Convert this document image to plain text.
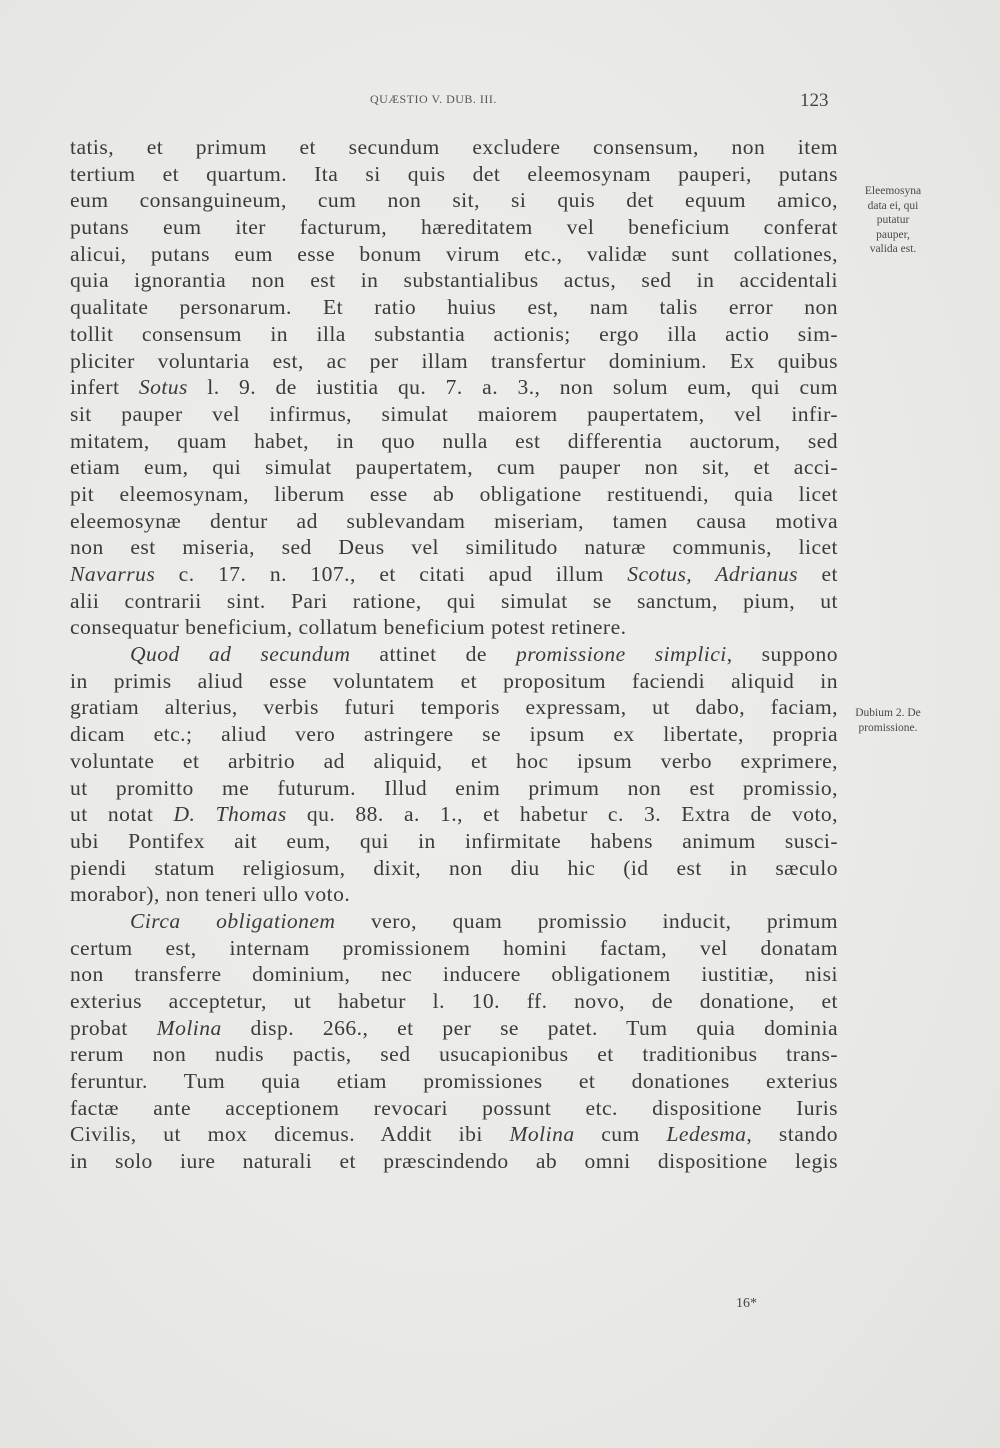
QUÆSTIO V. DUB. III.	123
tatis, et primum et secundum excludere consensum, non item
tertium et quartum. Ita si quis det eleemosynam pauperi, putans
eum consanguineum, cum non sit, si quis det equum amico,
putans eum iter facturum, hæreditatem vel beneficium conferat
alicui, putans eum esse bonum virum etc., validæ sunt collationes,
quia ignorantia non est in substantialibus actus, sed in accidentali
qualitate personarum. Et ratio huius est, nam talis error non
tollit consensum in illa substantia actionis; ergo illa actio sim-
pliciter voluntaria est, ac per illam transfertur dominium. Ex quibus
infert Sotus l. 9. de iustitia qu. 7. a. 3., non solum eum, qui cum
sit pauper vel infirmus, simulat maiorem paupertatem, vel infir-
mitatem, quam habet, in quo nulla est differentia auctorum, sed
etiam eum, qui simulat paupertatem, cum pauper non sit, et acci-
pit eleemosynam, liberum esse ab obligatione restituendi, quia licet
eleemosynæ dentur ad sublevandam miseriam, tamen causa motiva
non est miseria, sed Deus vel similitudo naturæ communis, licet
Navarrus c. 17. n. 107., et citati apud illum Scotus, Adrianus et
alii contrarii sint. Pari ratione, qui simulat se sanctum, pium, ut
consequatur beneficium, collatum beneficium potest retinere.
Quod ad secundum attinet de promissione simplici, suppono
in primis aliud esse voluntatem et propositum faciendi aliquid in
gratiam alterius, verbis futuri temporis expressam, ut dabo, faciam,
dicam etc.; aliud vero astringere se ipsum ex libertate, propria
voluntate et arbitrio ad aliquid, et hoc ipsum verbo exprimere,
ut promitto me futurum. Illud enim primum non est promissio,
ut notat D. Thomas qu. 88. a. 1., et habetur c. 3. Extra de voto,
ubi Pontifex ait eum, qui in infirmitate habens animum susci-
piendi statum religiosum, dixit, non diu hic (id est in sæculo
morabor), non teneri ullo voto.
Circa obligationem vero, quam promissio inducit, primum
certum est, internam promissionem homini factam, vel donatam
non transferre dominium, nec inducere obligationem iustitiæ, nisi
exterius acceptetur, ut habetur l. 10. ff. novo, de donatione, et
probat Molina disp. 266., et per se patet. Tum quia dominia
rerum non nudis pactis, sed usucapionibus et traditionibus trans-
feruntur. Tum quia etiam promissiones et donationes exterius
factæ ante acceptionem revocari possunt etc. dispositione Iuris
Civilis, ut mox dicemus. Addit ibi Molina cum Ledesma, stando
in solo iure naturali et præscindendo ab omni dispositione legis
Eleemosyna
data ei, qui
putatur
pauper,
valida est.
Dubium 2. De
promissione.
16*
